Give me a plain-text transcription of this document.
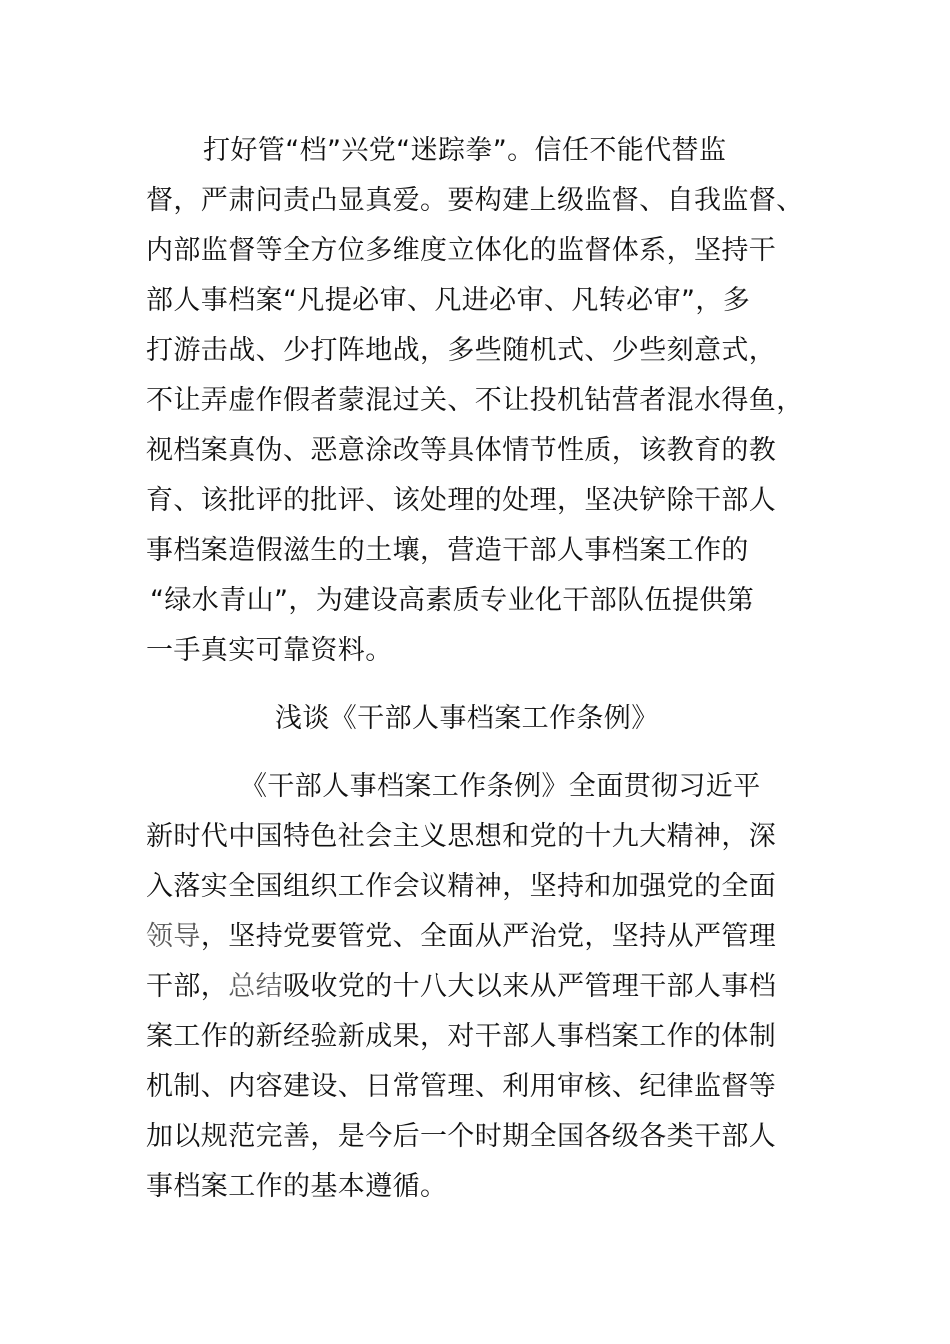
打好管“档”兴党“迷踪拳”。信任不能代替监
督，严肃问责凸显真爱。要构建上级监督、自我监督、
内部监督等全方位多维度立体化的监督体系，坚持干
部人事档案“凡提必审、凡进必审、凡转必审”，多
打游击战、少打阵地战，多些随机式、少些刻意式，
不让弄虚作假者蒙混过关、不让投机钻营者混水得鱼，
视档案真伪、恶意涂改等具体情节性质，该教育的教
育、该批评的批评、该处理的处理，坚决铲除干部人
事档案造假滋生的土壤，营造干部人事档案工作的
“绿水青山”，为建设高素质专业化干部队伍提供第
一手真实可靠资料。
浅谈《干部人事档案工作条例》
《干部人事档案工作条例》全面贯彻习近平
新时代中国特色社会主义思想和党的十九大精神，深
入落实全国组织工作会议精神，坚持和加强党的全面
领导，坚持党要管党、全面从严治党，坚持从严管理
干部，总结吸收党的十八大以来从严管理干部人事档
案工作的新经验新成果，对干部人事档案工作的体制
机制、内容建设、日常管理、利用审核、纪律监督等
加以规范完善，是今后一个时期全国各级各类干部人
事档案工作的基本遵循。
